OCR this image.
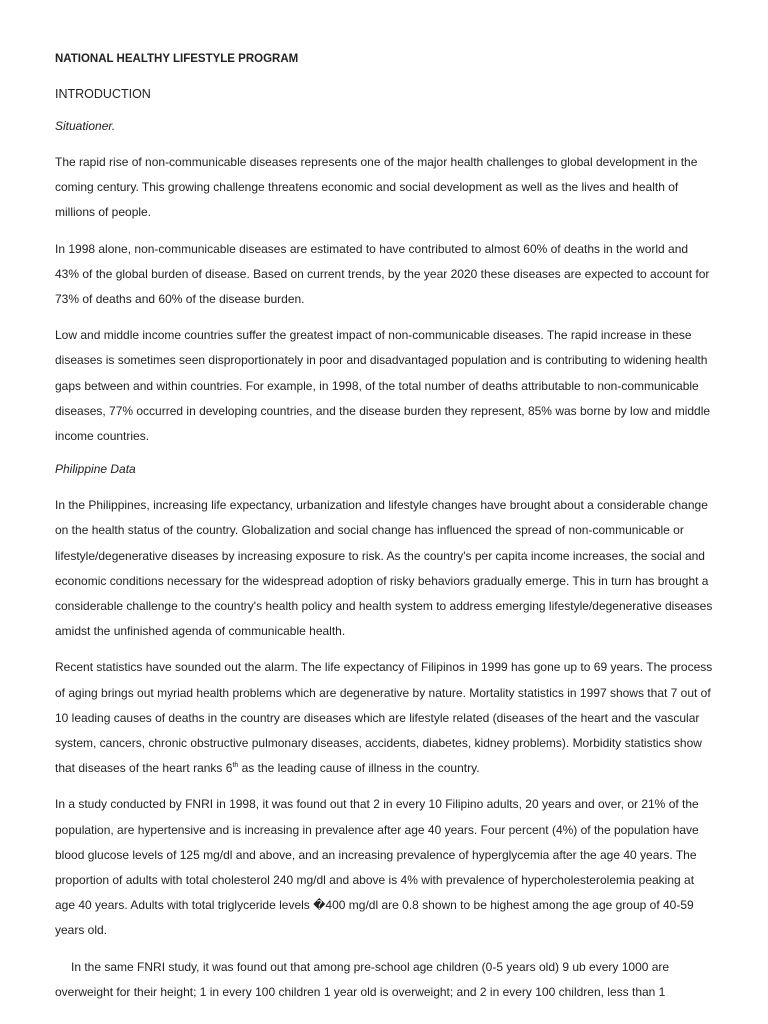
NATIONAL HEALTHY LIFESTYLE PROGRAM
INTRODUCTION
Situationer.

The rapid rise of non-communicable diseases represents one of the major health challenges to global development in the coming century. This growing challenge threatens economic and social development as well as the lives and health of millions of people.

In 1998 alone, non-communicable diseases are estimated to have contributed to almost 60% of deaths in the world and 43% of the global burden of disease. Based on current trends, by the year 2020 these diseases are expected to account for 73% of deaths and 60% of the disease burden.

Low and middle income countries suffer the greatest impact of non-communicable diseases. The rapid increase in these diseases is sometimes seen disproportionately in poor and disadvantaged population and is contributing to widening health gaps between and within countries. For example, in 1998, of the total number of deaths attributable to non-communicable diseases, 77% occurred in developing countries, and the disease burden they represent, 85% was borne by low and middle income countries.

Philippine Data

In the Philippines, increasing life expectancy, urbanization and lifestyle changes have brought about a considerable change on the health status of the country. Globalization and social change has influenced the spread of non-communicable or lifestyle/degenerative diseases by increasing exposure to risk. As the country's per capita income increases, the social and economic conditions necessary for the widespread adoption of risky behaviors gradually emerge. This in turn has brought a considerable challenge to the country's health policy and health system to address emerging lifestyle/degenerative diseases amidst the unfinished agenda of communicable health.

Recent statistics have sounded out the alarm. The life expectancy of Filipinos in 1999 has gone up to 69 years. The process of aging brings out myriad health problems which are degenerative by nature. Mortality statistics in 1997 shows that 7 out of 10 leading causes of deaths in the country are diseases which are lifestyle related (diseases of the heart and the vascular system, cancers, chronic obstructive pulmonary diseases, accidents, diabetes, kidney problems). Morbidity statistics show that diseases of the heart ranks 6th as the leading cause of illness in the country.

In a study conducted by FNRI in 1998, it was found out that 2 in every 10 Filipino adults, 20 years and over, or 21% of the population, are hypertensive and is increasing in prevalence after age 40 years. Four percent (4%) of the population have blood glucose levels of 125 mg/dl and above, and an increasing prevalence of hyperglycemia after the age 40 years. The proportion of adults with total cholesterol 240 mg/dl and above is 4% with prevalence of hypercholesterolemia peaking at age 40 years. Adults with total triglyceride levels �400 mg/dl are 0.8 shown to be highest among the age group of 40-59 years old.

In the same FNRI study, it was found out that among pre-school age children (0-5 years old) 9 ub every 1000 are overweight for their height; 1 in every 100 children 1 year old is overweight; and 2 in every 100 children, less than 1
